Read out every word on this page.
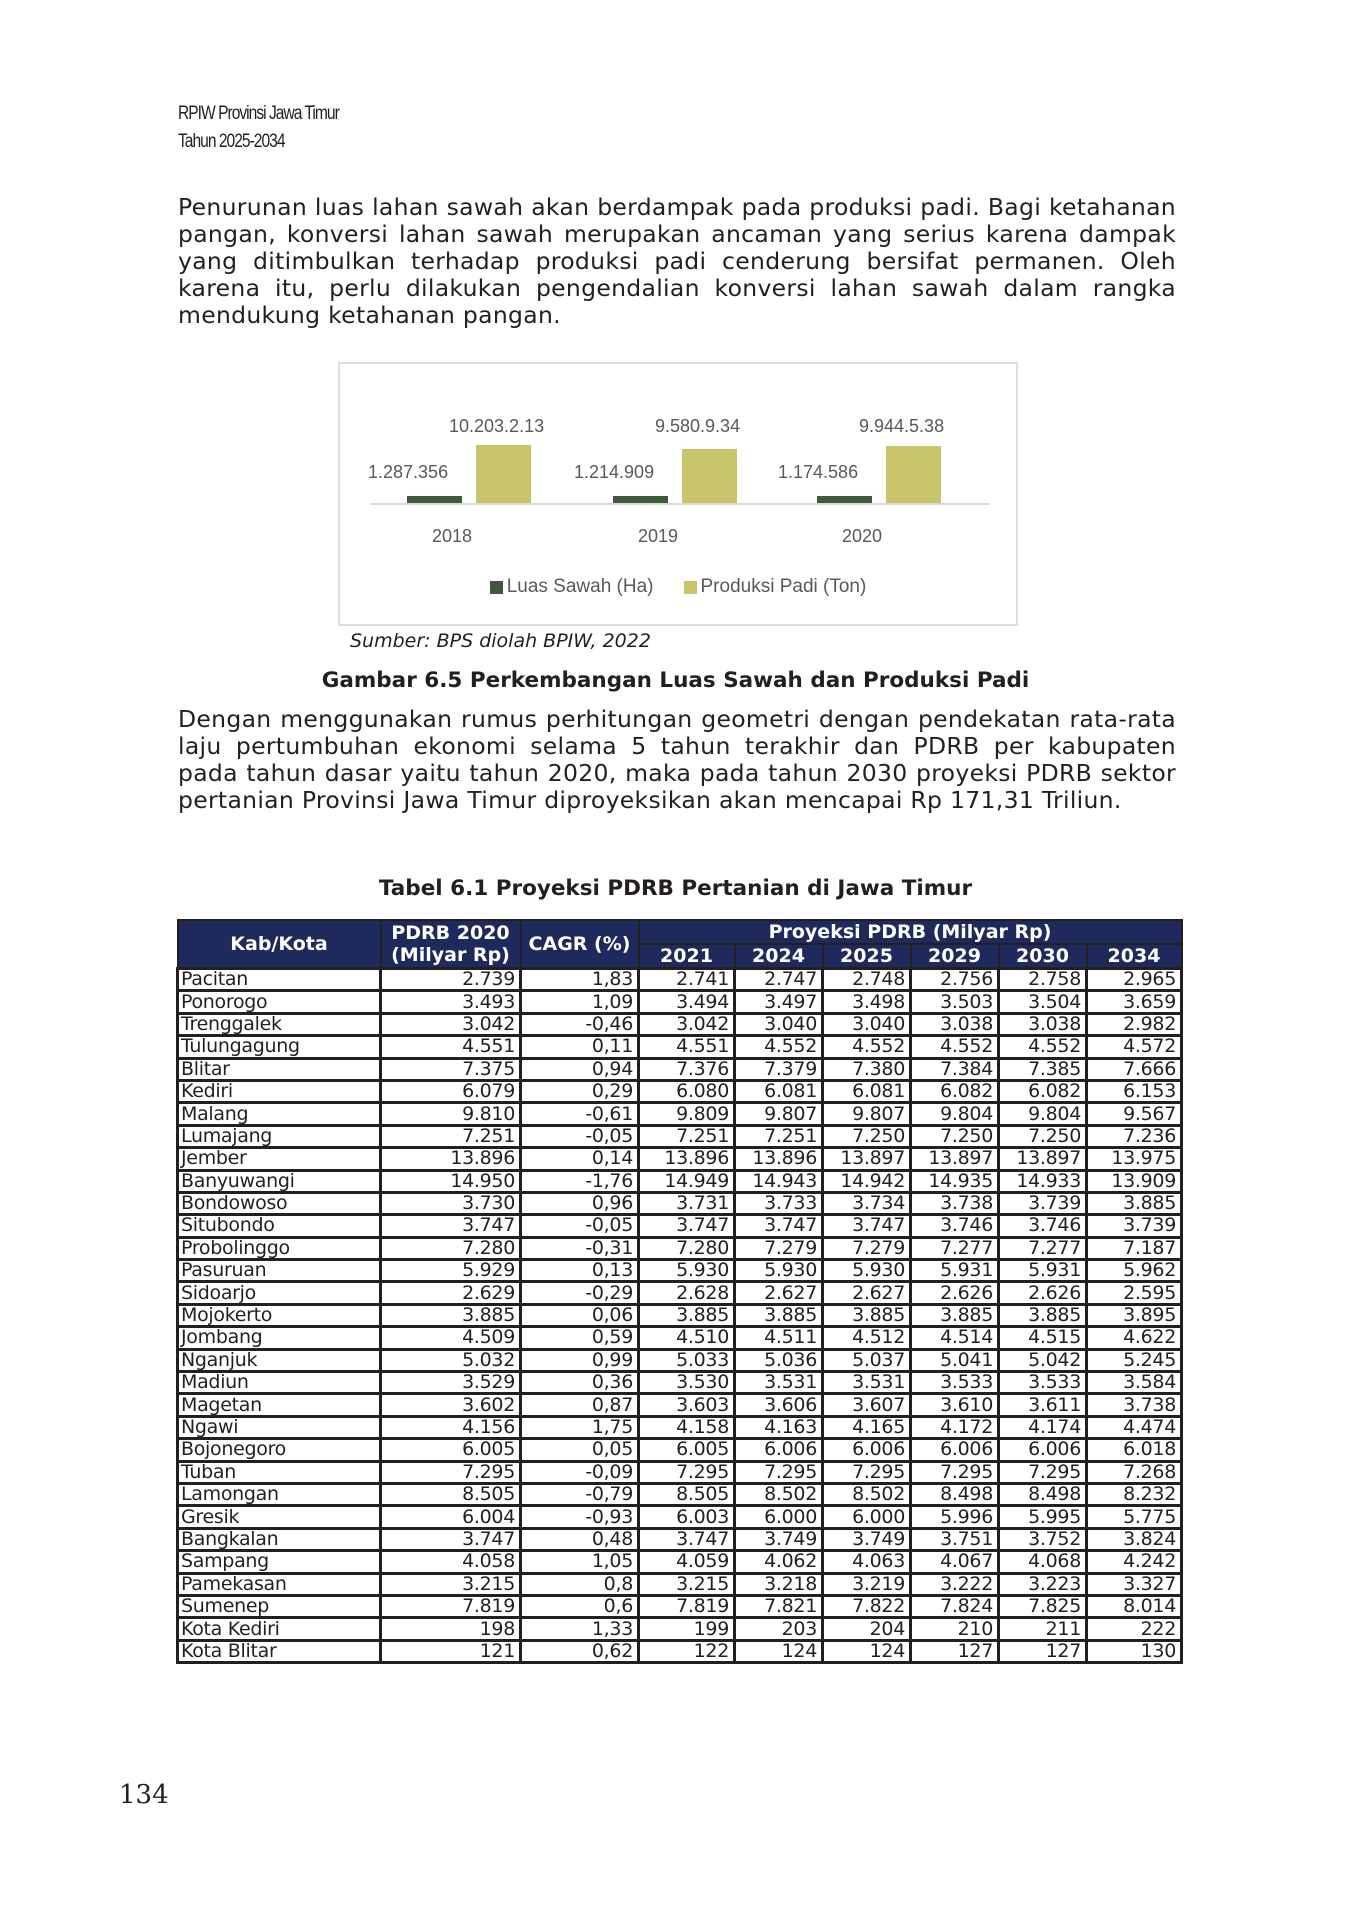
RPIW Provinsi Jawa Timur
Tahun 2025-2034

Penurunan luas lahan sawah akan berdampak pada produksi padi. Bagi ketahanan pangan, konversi lahan sawah merupakan ancaman yang serius karena dampak yang ditimbulkan terhadap produksi padi cenderung bersifat permanen. Oleh karena itu, perlu dilakukan pengendalian konversi lahan sawah dalam rangka mendukung ketahanan pangan.

Luas Sawah (Ha) Produksi Padi (Ton)
1.287.356
10.203.2.13
2018
1.214.909
9.580.9.34
2019
1.174.586
9.944.5.38
2020
Sumber: BPS diolah BPIW, 2022
Gambar 6.5 Perkembangan Luas Sawah dan Produksi Padi

Dengan menggunakan rumus perhitungan geometri dengan pendekatan rata-rata laju pertumbuhan ekonomi selama 5 tahun terakhir dan PDRB per kabupaten pada tahun dasar yaitu tahun 2020, maka pada tahun 2030 proyeksi PDRB sektor pertanian Provinsi Jawa Timur diproyeksikan akan mencapai Rp 171,31 Triliun.

Tabel 6.1 Proyeksi PDRB Pertanian di Jawa Timur
Kab/Kota	PDRB 2020
(Milyar Rp)	CAGR (%)	Proyeksi PDRB (Milyar Rp)					
			2021	2024	2025	2029	2030	2034
Pacitan	2.739	1,83	2.741	2.747	2.748	2.756	2.758	2.965
Ponorogo	3.493	1,09	3.494	3.497	3.498	3.503	3.504	3.659
Trenggalek	3.042	-0,46	3.042	3.040	3.040	3.038	3.038	2.982
Tulungagung	4.551	0,11	4.551	4.552	4.552	4.552	4.552	4.572
Blitar	7.375	0,94	7.376	7.379	7.380	7.384	7.385	7.666
Kediri	6.079	0,29	6.080	6.081	6.081	6.082	6.082	6.153
Malang	9.810	-0,61	9.809	9.807	9.807	9.804	9.804	9.567
Lumajang	7.251	-0,05	7.251	7.251	7.250	7.250	7.250	7.236
Jember	13.896	0,14	13.896	13.896	13.897	13.897	13.897	13.975
Banyuwangi	14.950	-1,76	14.949	14.943	14.942	14.935	14.933	13.909
Bondowoso	3.730	0,96	3.731	3.733	3.734	3.738	3.739	3.885
Situbondo	3.747	-0,05	3.747	3.747	3.747	3.746	3.746	3.739
Probolinggo	7.280	-0,31	7.280	7.279	7.279	7.277	7.277	7.187
Pasuruan	5.929	0,13	5.930	5.930	5.930	5.931	5.931	5.962
Sidoarjo	2.629	-0,29	2.628	2.627	2.627	2.626	2.626	2.595
Mojokerto	3.885	0,06	3.885	3.885	3.885	3.885	3.885	3.895
Jombang	4.509	0,59	4.510	4.511	4.512	4.514	4.515	4.622
Nganjuk	5.032	0,99	5.033	5.036	5.037	5.041	5.042	5.245
Madiun	3.529	0,36	3.530	3.531	3.531	3.533	3.533	3.584
Magetan	3.602	0,87	3.603	3.606	3.607	3.610	3.611	3.738
Ngawi	4.156	1,75	4.158	4.163	4.165	4.172	4.174	4.474
Bojonegoro	6.005	0,05	6.005	6.006	6.006	6.006	6.006	6.018
Tuban	7.295	-0,09	7.295	7.295	7.295	7.295	7.295	7.268
Lamongan	8.505	-0,79	8.505	8.502	8.502	8.498	8.498	8.232
Gresik	6.004	-0,93	6.003	6.000	6.000	5.996	5.995	5.775
Bangkalan	3.747	0,48	3.747	3.749	3.749	3.751	3.752	3.824
Sampang	4.058	1,05	4.059	4.062	4.063	4.067	4.068	4.242
Pamekasan	3.215	0,8	3.215	3.218	3.219	3.222	3.223	3.327
Sumenep	7.819	0,6	7.819	7.821	7.822	7.824	7.825	8.014
Kota Kediri	198	1,33	199	203	204	210	211	222
Kota Blitar	121	0,62	122	124	124	127	127	130
134
